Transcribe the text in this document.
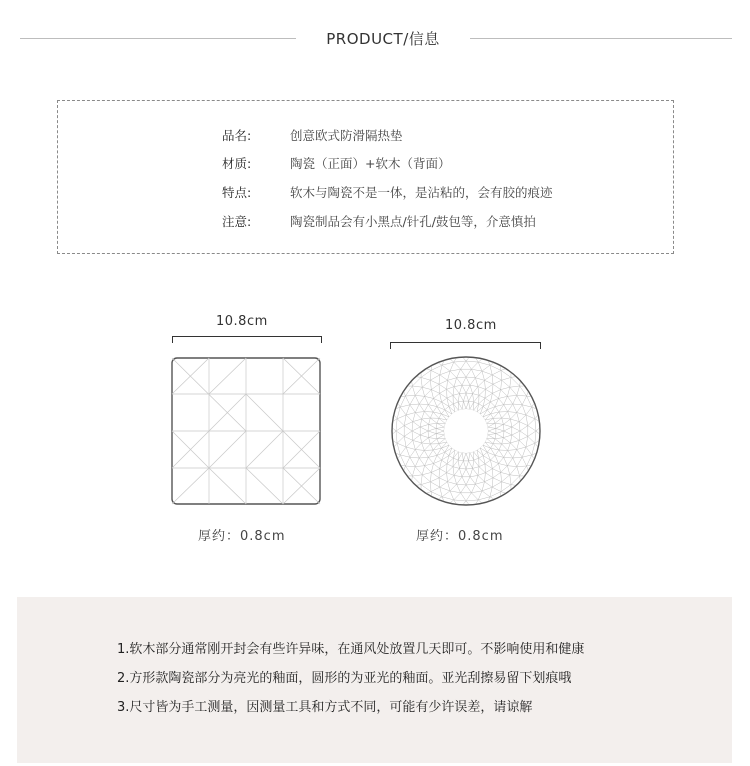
PRODUCT/信息
品名:	创意欧式防滑隔热垫
材质:	陶瓷（正面）+软木（背面）
特点:	软木与陶瓷不是一体，是沾粘的，会有胶的痕迹
注意:	陶瓷制品会有小黑点/针孔/鼓包等，介意慎拍
10.8cm
厚约：0.8cm
10.8cm
厚约：0.8cm
1.软木部分通常刚开封会有些许异味，在通风处放置几天即可。不影响使用和健康
2.方形款陶瓷部分为亮光的釉面，圆形的为亚光的釉面。亚光刮擦易留下划痕哦
3.尺寸皆为手工测量，因测量工具和方式不同，可能有少许误差，请谅解
